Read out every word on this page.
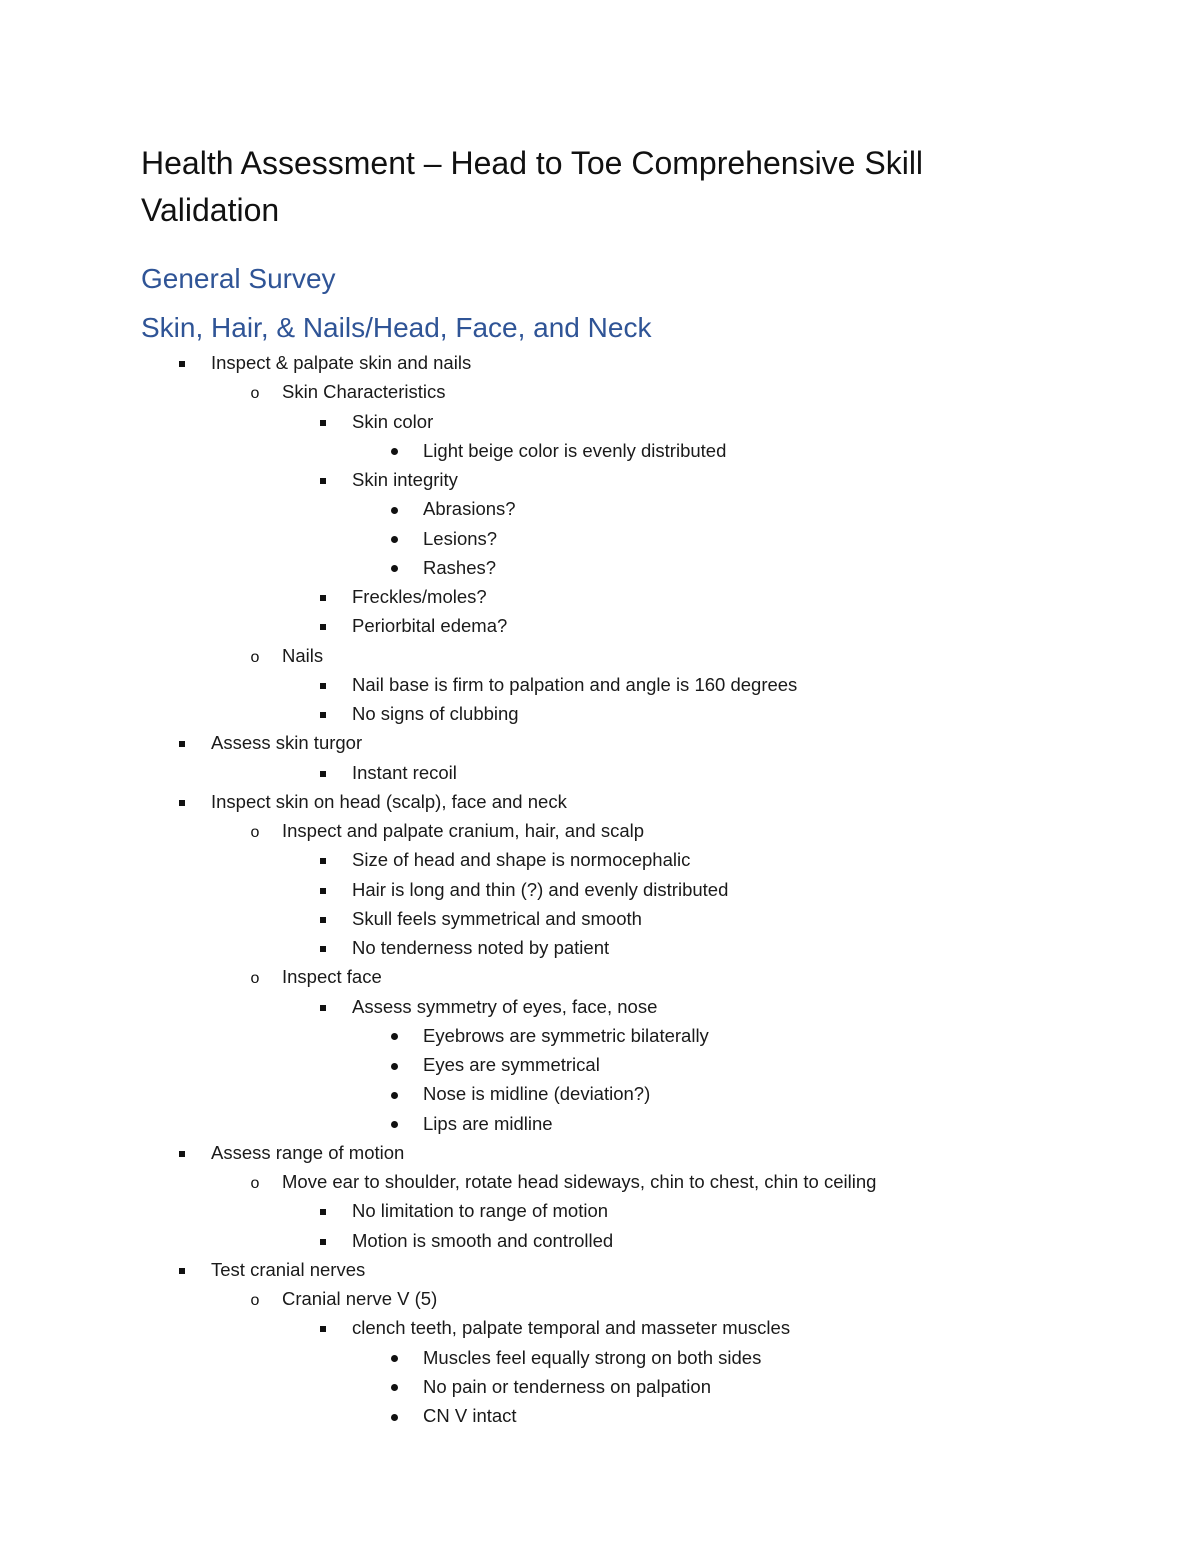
Health Assessment – Head to Toe Comprehensive Skill Validation
General Survey
Skin, Hair, & Nails/Head, Face, and Neck
Inspect & palpate skin and nails
o Skin Characteristics
Skin color
Light beige color is evenly distributed
Skin integrity
Abrasions?
Lesions?
Rashes?
Freckles/moles?
Periorbital edema?
o Nails
Nail base is firm to palpation and angle is 160 degrees
No signs of clubbing
Assess skin turgor
Instant recoil
Inspect skin on head (scalp), face and neck
o Inspect and palpate cranium, hair, and scalp
Size of head and shape is normocephalic
Hair is long and thin (?) and evenly distributed
Skull feels symmetrical and smooth
No tenderness noted by patient
o Inspect face
Assess symmetry of eyes, face, nose
Eyebrows are symmetric bilaterally
Eyes are symmetrical
Nose is midline (deviation?)
Lips are midline
Assess range of motion
o Move ear to shoulder, rotate head sideways, chin to chest, chin to ceiling
No limitation to range of motion
Motion is smooth and controlled
Test cranial nerves
o Cranial nerve V (5)
clench teeth, palpate temporal and masseter muscles
Muscles feel equally strong on both sides
No pain or tenderness on palpation
CN V intact
